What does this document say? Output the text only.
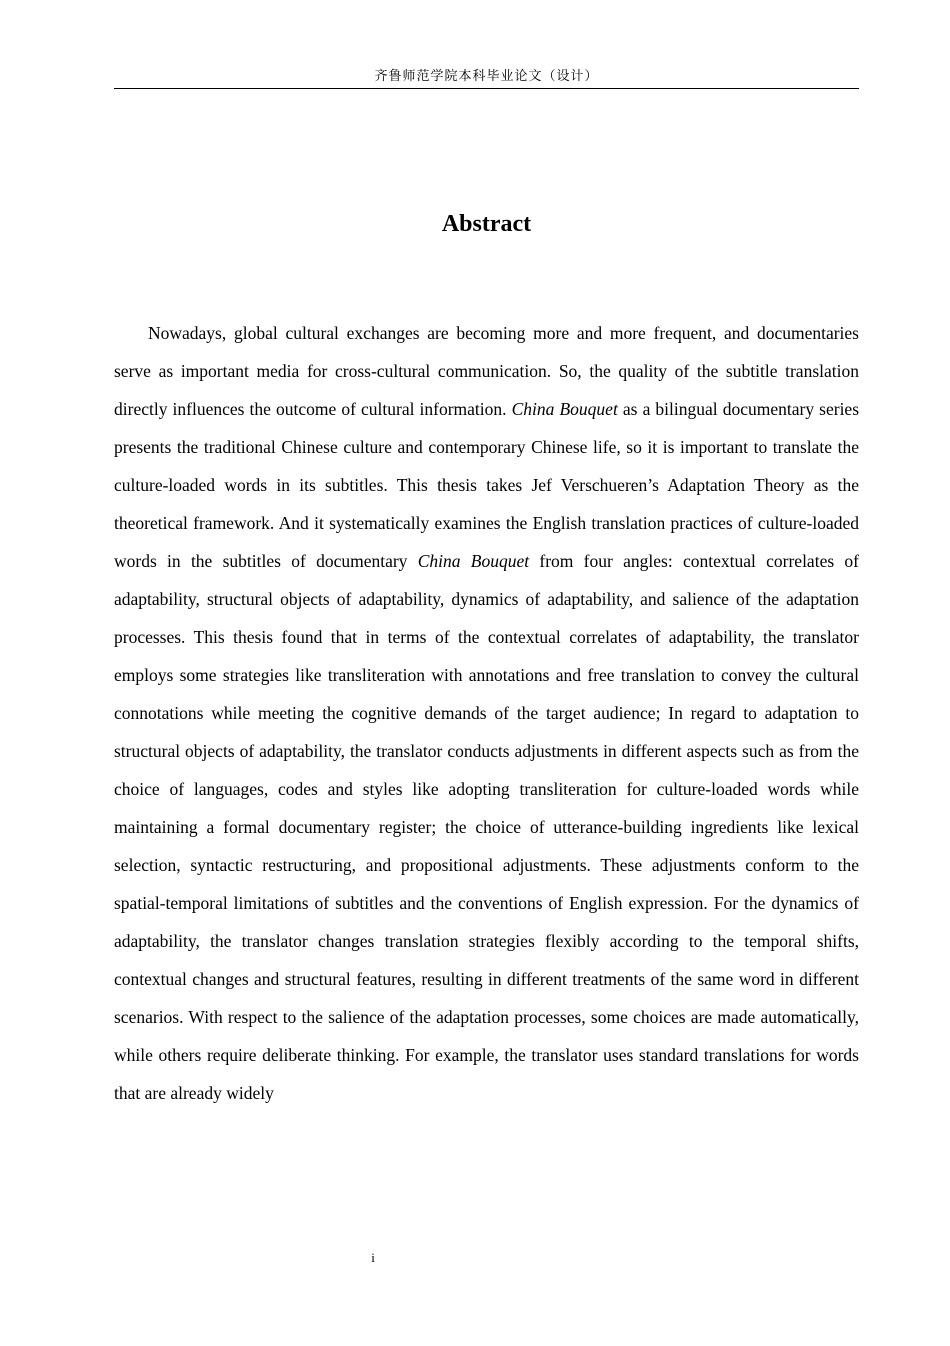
齐鲁师范学院本科毕业论文（设计）
Abstract

Nowadays, global cultural exchanges are becoming more and more frequent, and documentaries serve as important media for cross-cultural communication. So, the quality of the subtitle translation directly influences the outcome of cultural information. China Bouquet as a bilingual documentary series presents the traditional Chinese culture and contemporary Chinese life, so it is important to translate the culture-loaded words in its subtitles. This thesis takes Jef Verschueren’s Adaptation Theory as the theoretical framework. And it systematically examines the English translation practices of culture‑loaded words in the subtitles of documentary China Bouquet from four angles: contextual correlates of adaptability, structural objects of adaptability, dynamics of adaptability, and salience of the adaptation processes. This thesis found that in terms of the contextual correlates of adaptability, the translator employs some strategies like transliteration with annotations and free translation to convey the cultural connotations while meeting the cognitive demands of the target audience; In regard to adaptation to structural objects of adaptability, the translator conducts adjustments in different aspects such as from the choice of languages, codes and styles like adopting transliteration for culture-loaded words while maintaining a formal documentary register; the choice of utterance‑building ingredients like lexical selection, syntactic restructuring, and propositional adjustments. These adjustments conform to the spatial‑temporal limitations of subtitles and the conventions of English expression. For the dynamics of adaptability, the translator changes translation strategies flexibly according to the temporal shifts, contextual changes and structural features, resulting in different treatments of the same word in different scenarios. With respect to the salience of the adaptation processes, some choices are made automatically, while others require deliberate thinking. For example, the translator uses standard translations for words that are already widely

i
